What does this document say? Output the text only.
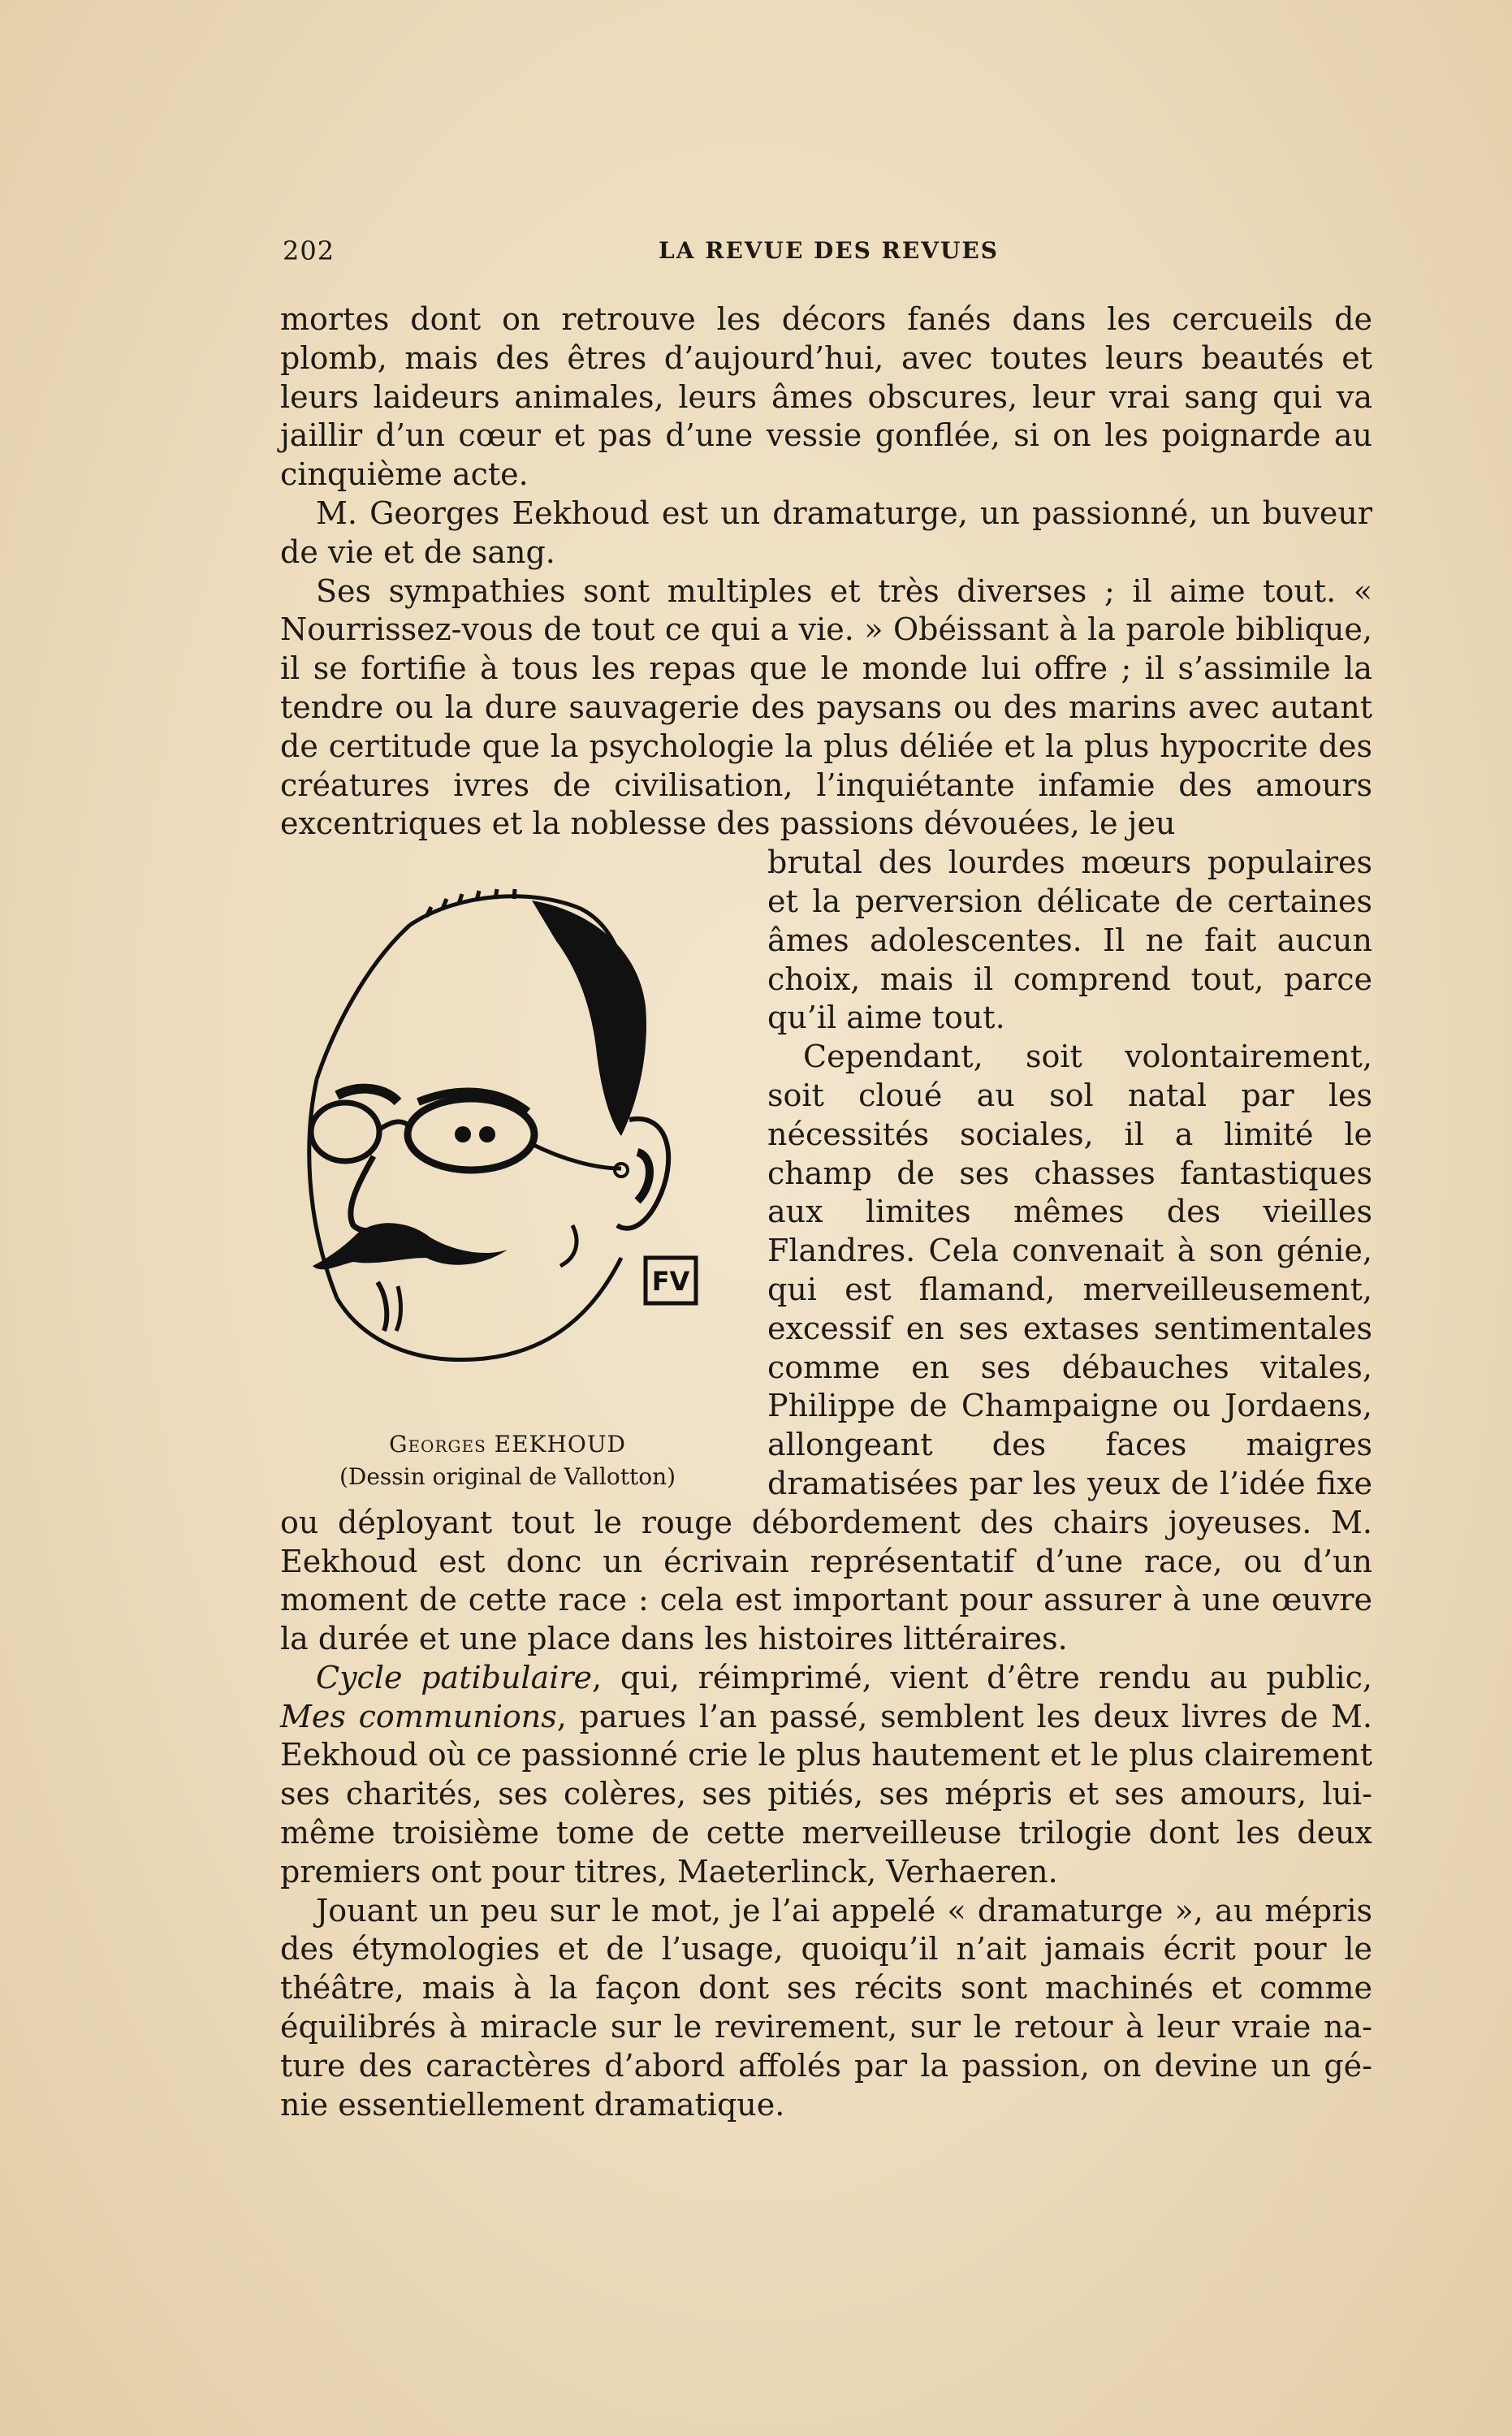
202	LA REVUE DES REVUES

mortes dont on retrouve les décors fanés dans les cercueils de plomb, mais des êtres d’aujourd’hui, avec toutes leurs beautés et leurs laideurs animales, leurs âmes obscures, leur vrai sang qui va jaillir d’un cœur et pas d’une vessie gonflée, si on les poignarde au cinquième acte.

M. Georges Eekhoud est un dramaturge, un passionné, un buveur de vie et de sang.

Ses sympathies sont multiples et très diverses ; il aime tout. « Nourrissez-vous de tout ce qui a vie. » Obéissant à la parole biblique, il se fortifie à tous les repas que le monde lui offre ; il s’assimile la tendre ou la dure sauvagerie des paysans ou des marins avec autant de certitude que la psychologie la plus déliée et la plus hypocrite des créatures ivres de civilisation, l’inquiétante infamie des amours excentriques et la noblesse des passions dévouées, le jeu

FV
Georges EEKHOUD
(Dessin original de Vallotton)

brutal des lourdes mœurs populaires et la perversion délicate de certaines âmes adolescentes. Il ne fait aucun choix, mais il comprend tout, parce qu’il aime tout.

Cependant, soit volontairement, soit cloué au sol natal par les nécessités sociales, il a limité le champ de ses chasses fantastiques aux limites mêmes des vieilles Flandres. Cela convenait à son génie, qui est flamand, merveilleusement, excessif en ses extases sentimentales comme en ses débauches vitales, Philippe de Champaigne ou Jordaens, allongeant des faces maigres dramatisées par les yeux de l’idée fixe ou déployant tout le rouge débordement des chairs joyeuses. M. Eekhoud est donc un écrivain représentatif d’une race, ou d’un moment de cette race : cela est important pour assurer à une œuvre la durée et une place dans les histoires littéraires.

Cycle patibulaire, qui, réimprimé, vient d’être rendu au public, Mes communions, parues l’an passé, semblent les deux livres de M. Eekhoud où ce passionné crie le plus hautement et le plus clairement ses charités, ses colères, ses pitiés, ses mépris et ses amours, lui-même troisième tome de cette merveilleuse trilogie dont les deux premiers ont pour titres, Maeterlinck, Verhaeren.

Jouant un peu sur le mot, je l’ai appelé « dramaturge », au mépris des étymologies et de l’usage, quoiqu’il n’ait jamais écrit pour le théâtre, mais à la façon dont ses récits sont machinés et comme équilibrés à miracle sur le revirement, sur le retour à leur vraie nature des caractères d’abord affolés par la passion, on devine un génie essentiellement dramatique.
